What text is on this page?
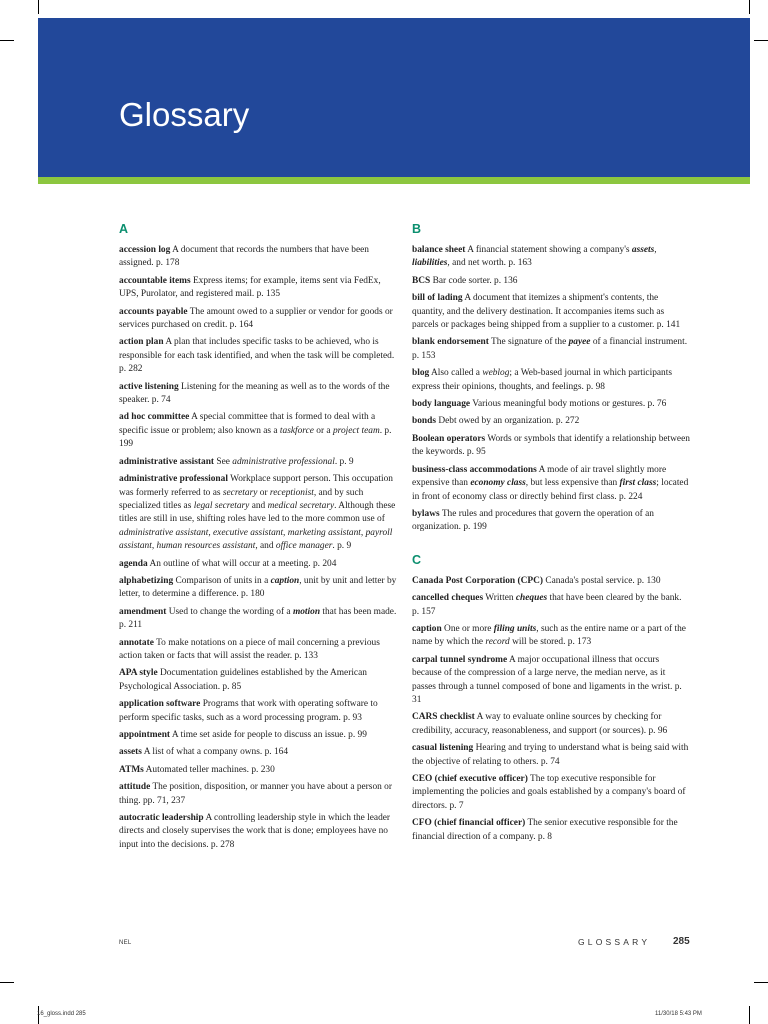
Glossary
A
accession log A document that records the numbers that have been assigned. p. 178
accountable items Express items; for example, items sent via FedEx, UPS, Purolator, and registered mail. p. 135
accounts payable The amount owed to a supplier or vendor for goods or services purchased on credit. p. 164
action plan A plan that includes specific tasks to be achieved, who is responsible for each task identified, and when the task will be completed. p. 282
active listening Listening for the meaning as well as to the words of the speaker. p. 74
ad hoc committee A special committee that is formed to deal with a specific issue or problem; also known as a taskforce or a project team. p. 199
administrative assistant See administrative professional. p. 9
administrative professional Workplace support person. This occupation was formerly referred to as secretary or receptionist, and by such specialized titles as legal secretary and medical secretary. Although these titles are still in use, shifting roles have led to the more common use of administrative assistant, executive assistant, marketing assistant, payroll assistant, human resources assistant, and office manager. p. 9
agenda An outline of what will occur at a meeting. p. 204
alphabetizing Comparison of units in a caption, unit by unit and letter by letter, to determine a difference. p. 180
amendment Used to change the wording of a motion that has been made. p. 211
annotate To make notations on a piece of mail concerning a previous action taken or facts that will assist the reader. p. 133
APA style Documentation guidelines established by the American Psychological Association. p. 85
application software Programs that work with operating software to perform specific tasks, such as a word processing program. p. 93
appointment A time set aside for people to discuss an issue. p. 99
assets A list of what a company owns. p. 164
ATMs Automated teller machines. p. 230
attitude The position, disposition, or manner you have about a person or thing. pp. 71, 237
autocratic leadership A controlling leadership style in which the leader directs and closely supervises the work that is done; employees have no input into the decisions. p. 278
B
balance sheet A financial statement showing a company's assets, liabilities, and net worth. p. 163
BCS Bar code sorter. p. 136
bill of lading A document that itemizes a shipment's contents, the quantity, and the delivery destination. It accompanies items such as parcels or packages being shipped from a supplier to a customer. p. 141
blank endorsement The signature of the payee of a financial instrument. p. 153
blog Also called a weblog; a Web-based journal in which participants express their opinions, thoughts, and feelings. p. 98
body language Various meaningful body motions or gestures. p. 76
bonds Debt owed by an organization. p. 272
Boolean operators Words or symbols that identify a relationship between the keywords. p. 95
business-class accommodations A mode of air travel slightly more expensive than economy class, but less expensive than first class; located in front of economy class or directly behind first class. p. 224
bylaws The rules and procedures that govern the operation of an organization. p. 199
C
Canada Post Corporation (CPC) Canada's postal service. p. 130
cancelled cheques Written cheques that have been cleared by the bank. p. 157
caption One or more filing units, such as the entire name or a part of the name by which the record will be stored. p. 173
carpal tunnel syndrome A major occupational illness that occurs because of the compression of a large nerve, the median nerve, as it passes through a tunnel composed of bone and ligaments in the wrist. p. 31
CARS checklist A way to evaluate online sources by checking for credibility, accuracy, reasonableness, and support (or sources). p. 96
casual listening Hearing and trying to understand what is being said with the objective of relating to others. p. 74
CEO (chief executive officer) The top executive responsible for implementing the policies and goals established by a company's board of directors. p. 7
CFO (chief financial officer) The senior executive responsible for the financial direction of a company. p. 8
NEL	GLOSSARY 285
16_gloss.indd 285	11/30/18 5:43 PM
